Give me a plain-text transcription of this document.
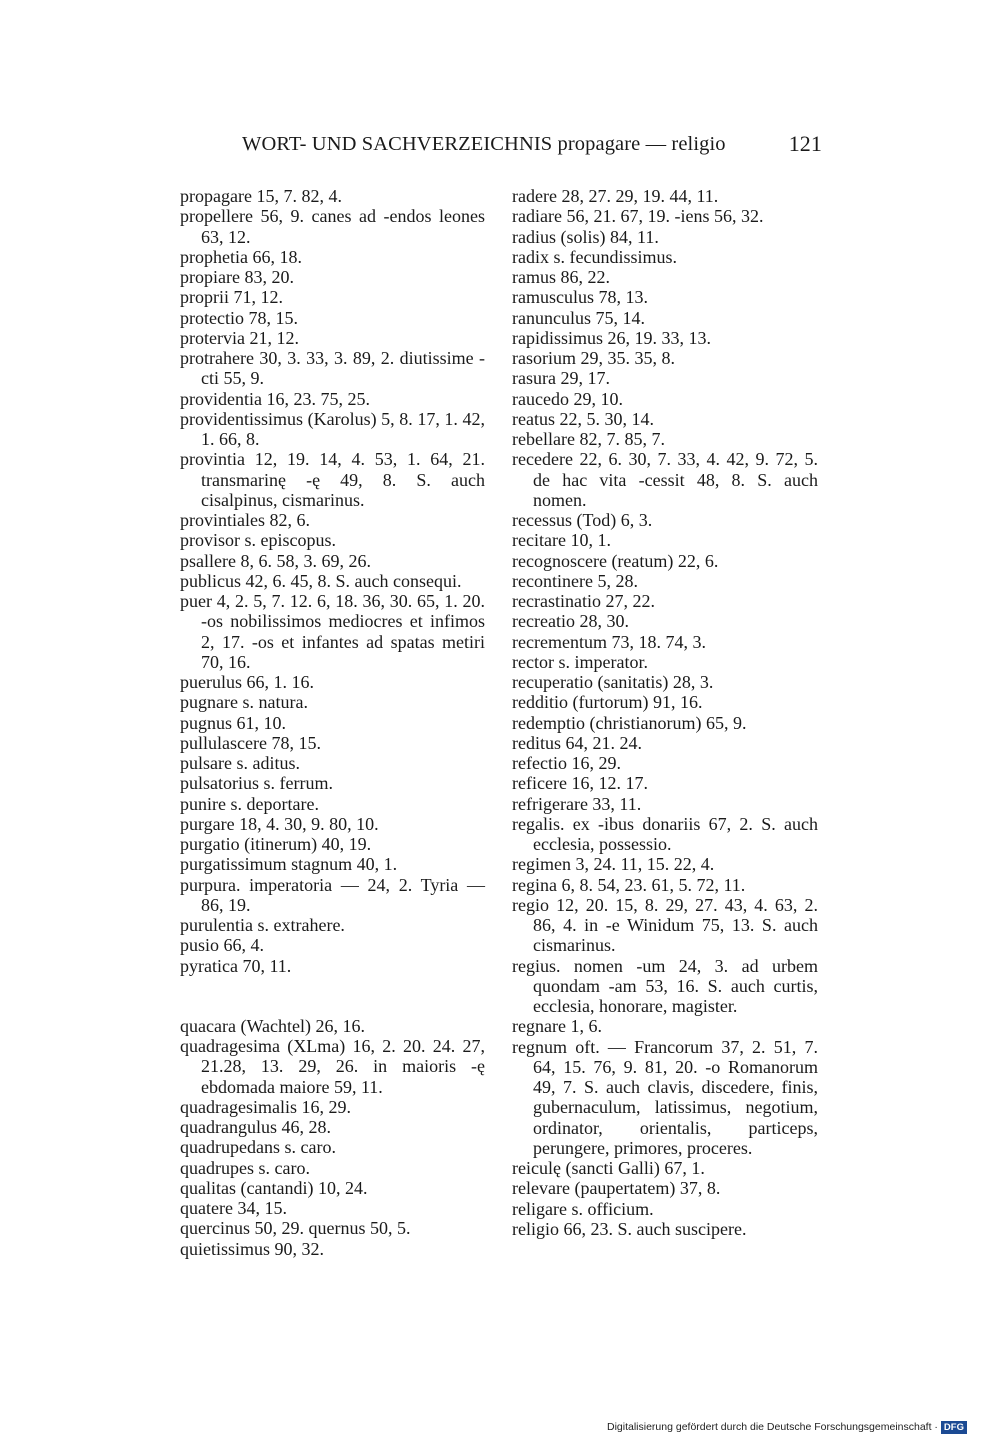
WORT- UND SACHVERZEICHNIS propagare — religio	121

propagare 15, 7. 82, 4.

propellere 56, 9. canes ad -endos leones 63, 12.

prophetia 66, 18.

propiare 83, 20.

proprii 71, 12.

protectio 78, 15.

protervia 21, 12.

protrahere 30, 3. 33, 3. 89, 2. diutissime -cti 55, 9.

providentia 16, 23. 75, 25.

providentissimus (Karolus) 5, 8. 17, 1. 42, 1. 66, 8.

provintia 12, 19. 14, 4. 53, 1. 64, 21. transmarinę -ę 49, 8. S. auch cisalpinus, cismarinus.

provintiales 82, 6.

provisor s. episcopus.

psallere 8, 6. 58, 3. 69, 26.

publicus 42, 6. 45, 8. S. auch consequi.

puer 4, 2. 5, 7. 12. 6, 18. 36, 30. 65, 1. 20. -os nobilissimos mediocres et infimos 2, 17. -os et infantes ad spatas metiri 70, 16.

puerulus 66, 1. 16.

pugnare s. natura.

pugnus 61, 10.

pullulascere 78, 15.

pulsare s. aditus.

pulsatorius s. ferrum.

punire s. deportare.

purgare 18, 4. 30, 9. 80, 10.

purgatio (itinerum) 40, 19.

purgatissimum stagnum 40, 1.

purpura. imperatoria — 24, 2. Tyria — 86, 19.

purulentia s. extrahere.

pusio 66, 4.

pyratica 70, 11.

quacara (Wachtel) 26, 16.

quadragesima (XLma) 16, 2. 20. 24. 27, 21.28, 13. 29, 26. in maioris -ę ebdomada maiore 59, 11.

quadragesimalis 16, 29.

quadrangulus 46, 28.

quadrupedans s. caro.

quadrupes s. caro.

qualitas (cantandi) 10, 24.

quatere 34, 15.

quercinus 50, 29. quernus 50, 5.

quietissimus 90, 32.

radere 28, 27. 29, 19. 44, 11.

radiare 56, 21. 67, 19. -iens 56, 32.

radius (solis) 84, 11.

radix s. fecundissimus.

ramus 86, 22.

ramusculus 78, 13.

ranunculus 75, 14.

rapidissimus 26, 19. 33, 13.

rasorium 29, 35. 35, 8.

rasura 29, 17.

raucedo 29, 10.

reatus 22, 5. 30, 14.

rebellare 82, 7. 85, 7.

recedere 22, 6. 30, 7. 33, 4. 42, 9. 72, 5. de hac vita -cessit 48, 8. S. auch nomen.

recessus (Tod) 6, 3.

recitare 10, 1.

recognoscere (reatum) 22, 6.

recontinere 5, 28.

recrastinatio 27, 22.

recreatio 28, 30.

recrementum 73, 18. 74, 3.

rector s. imperator.

recuperatio (sanitatis) 28, 3.

redditio (furtorum) 91, 16.

redemptio (christianorum) 65, 9.

reditus 64, 21. 24.

refectio 16, 29.

reficere 16, 12. 17.

refrigerare 33, 11.

regalis. ex -ibus donariis 67, 2. S. auch ecclesia, possessio.

regimen 3, 24. 11, 15. 22, 4.

regina 6, 8. 54, 23. 61, 5. 72, 11.

regio 12, 20. 15, 8. 29, 27. 43, 4. 63, 2. 86, 4. in -e Winidum 75, 13. S. auch cismarinus.

regius. nomen -um 24, 3. ad urbem quondam -am 53, 16. S. auch curtis, ecclesia, honorare, magister.

regnare 1, 6.

regnum oft. — Francorum 37, 2. 51, 7. 64, 15. 76, 9. 81, 20. -o Romanorum 49, 7. S. auch clavis, discedere, finis, gubernaculum, latissimus, negotium, ordinator, orientalis, particeps, perungere, primores, proceres.

reiculę (sancti Galli) 67, 1.

relevare (paupertatem) 37, 8.

religare s. officium.

religio 66, 23. S. auch suscipere.

Digitalisierung gefördert durch die Deutsche Forschungsgemeinschaft · DFG
